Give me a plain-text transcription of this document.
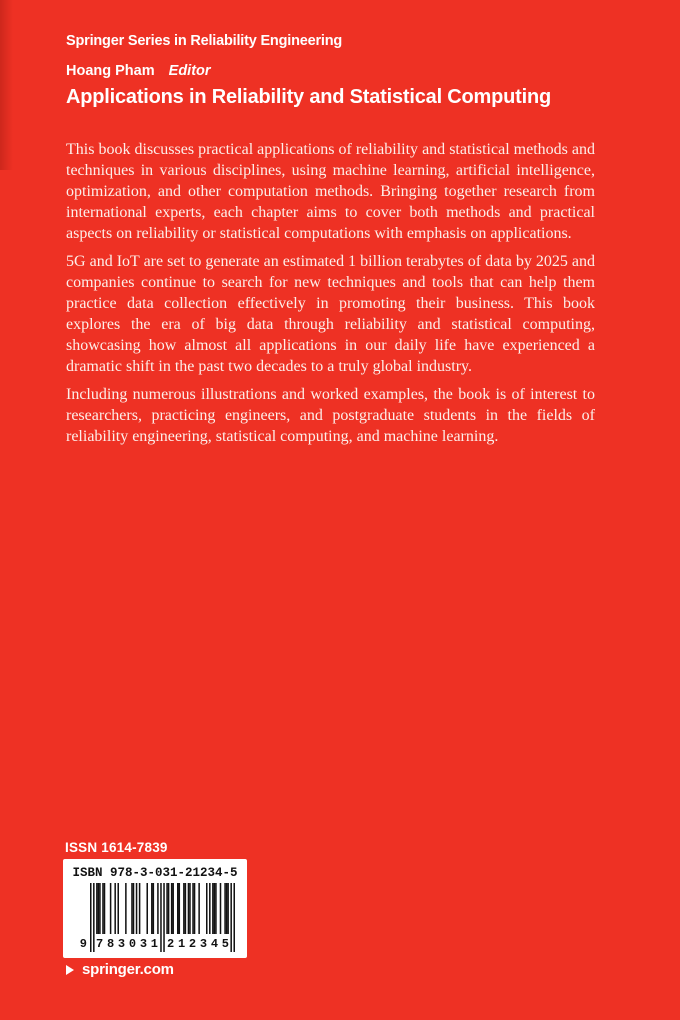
Springer Series in Reliability Engineering
Hoang Pham Editor
Applications in Reliability and Statistical Computing

This book discusses practical applications of reliability and statistical methods and techniques in various disciplines, using machine learning, artificial intelligence, optimization, and other computation methods. Bringing together research from international experts, each chapter aims to cover both methods and practical aspects on reliability or statistical computations with emphasis on applications.

5G and IoT are set to generate an estimated 1 billion terabytes of data by 2025 and companies continue to search for new techniques and tools that can help them practice data collection effectively in promoting their business. This book explores the era of big data through reliability and statistical computing, showcasing how almost all applications in our daily life have experienced a dramatic shift in the past two decades to a truly global industry.

Including numerous illustrations and worked examples, the book is of interest to researchers, practicing engineers, and postgraduate students in the fields of reliability engineering, statistical computing, and machine learning.

ISSN 1614-7839
ISBN 978-3-031-21234-5
9 7 8 3 0 3 1 2 1 2 3 4 5
springer.com
